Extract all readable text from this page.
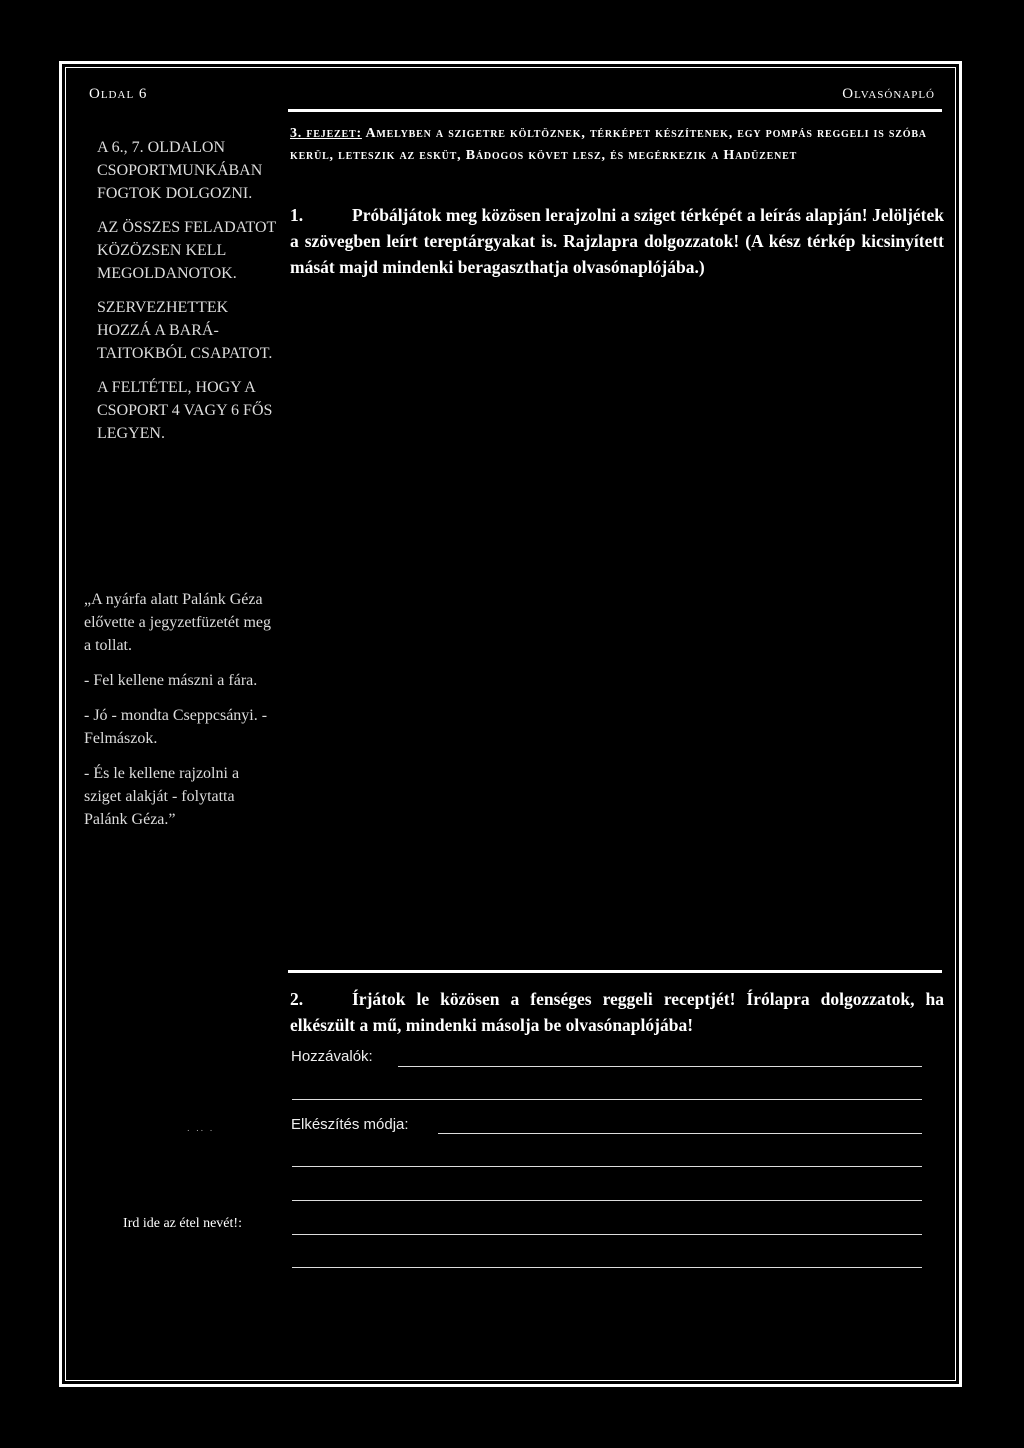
Oldal 6	Olvasónapló

A 6., 7. OLDALON CSOPORTMUNKÁBAN FOGTOK DOLGOZNI.

AZ ÖSSZES FELADATOT KÖZÖZSEN KELL MEGOLDANOTOK.

SZERVEZHETTEK HOZZÁ A BARÁTAITOKBÓL CSAPATOT.

A FELTÉTEL, HOGY A CSOPORT 4 VAGY 6 FŐS LEGYEN.

„A nyárfa alatt Palánk Géza elővette a jegyzetfüzetét meg a tollat.

- Fel kellene mászni a fára.

- Jó - mondta Cseppcsányi. - Felmászok.

- És le kellene rajzolni a sziget alakját - folytatta Palánk Géza.”

3. fejezet: Amelyben a szigetre költöznek, térképet készítenek, egy pompás reggeli is szóba kerül, leteszik az esküt, Bádogos követ lesz, és megérkezik a Hadüzenet
1.	Próbáljátok meg közösen lerajzolni a sziget térképét a leírás alapján! Jelöljétek a szövegben leírt tereptárgyakat is. Rajzlapra dolgozzatok! (A kész térkép kicsinyített mását majd mindenki beragaszthatja olvasónaplójába.)
2.	Írjátok le közösen a fenséges reggeli receptjét! Írólapra dolgozzatok, ha elkészült a mű, mindenki másolja be olvasónaplójába!
Hozzávalók:
Elkészítés módja:
. .. .
Ird ide az étel nevét!:
